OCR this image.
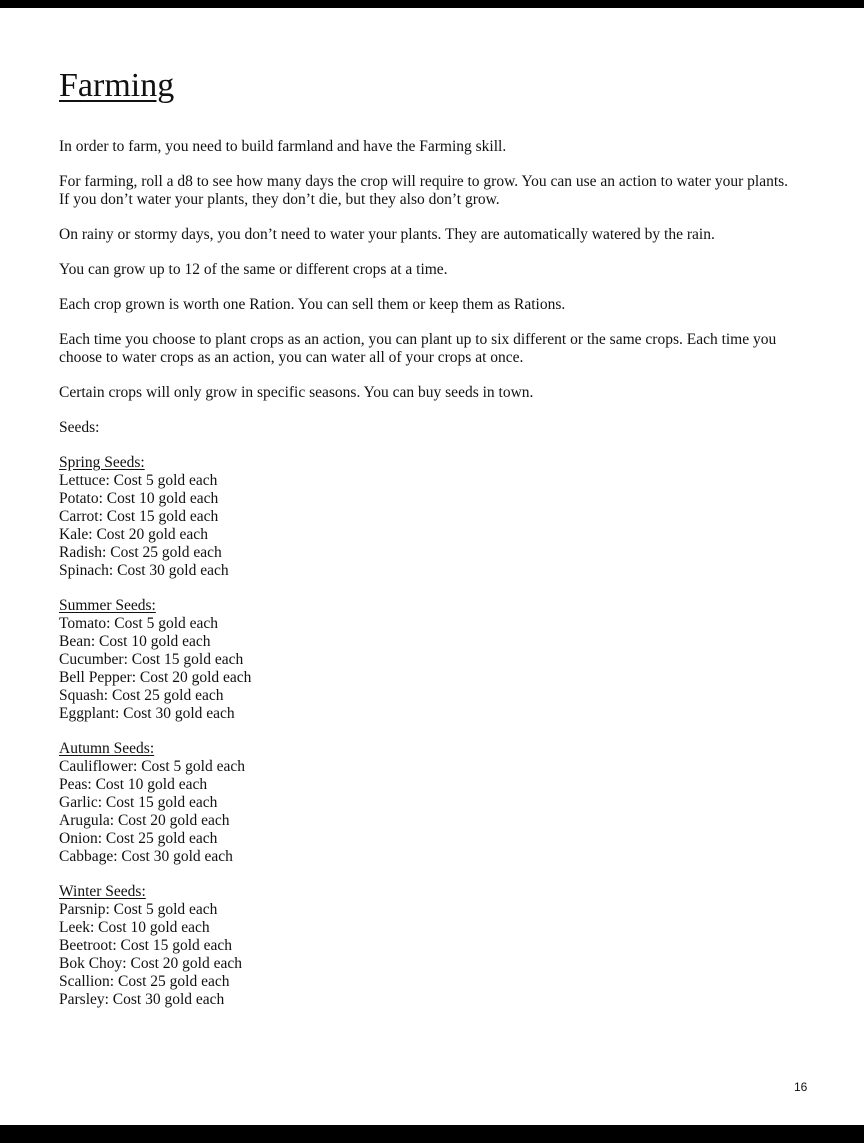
Farming

In order to farm, you need to build farmland and have the Farming skill.

For farming, roll a d8 to see how many days the crop will require to grow. You can use an action to water your plants. If you don’t water your plants, they don’t die, but they also don’t grow.

On rainy or stormy days, you don’t need to water your plants. They are automatically watered by the rain.

You can grow up to 12 of the same or different crops at a time.

Each crop grown is worth one Ration. You can sell them or keep them as Rations.

Each time you choose to plant crops as an action, you can plant up to six different or the same crops. Each time you choose to water crops as an action, you can water all of your crops at once.

Certain crops will only grow in specific seasons. You can buy seeds in town.

Seeds:

Spring Seeds:
Lettuce: Cost 5 gold each
Potato: Cost 10 gold each
Carrot: Cost 15 gold each
Kale: Cost 20 gold each
Radish: Cost 25 gold each
Spinach: Cost 30 gold each
Summer Seeds:
Tomato: Cost 5 gold each
Bean: Cost 10 gold each
Cucumber: Cost 15 gold each
Bell Pepper: Cost 20 gold each
Squash: Cost 25 gold each
Eggplant: Cost 30 gold each
Autumn Seeds:
Cauliflower: Cost 5 gold each
Peas: Cost 10 gold each
Garlic: Cost 15 gold each
Arugula: Cost 20 gold each
Onion: Cost 25 gold each
Cabbage: Cost 30 gold each
Winter Seeds:
Parsnip: Cost 5 gold each
Leek: Cost 10 gold each
Beetroot: Cost 15 gold each
Bok Choy: Cost 20 gold each
Scallion: Cost 25 gold each
Parsley: Cost 30 gold each
16
